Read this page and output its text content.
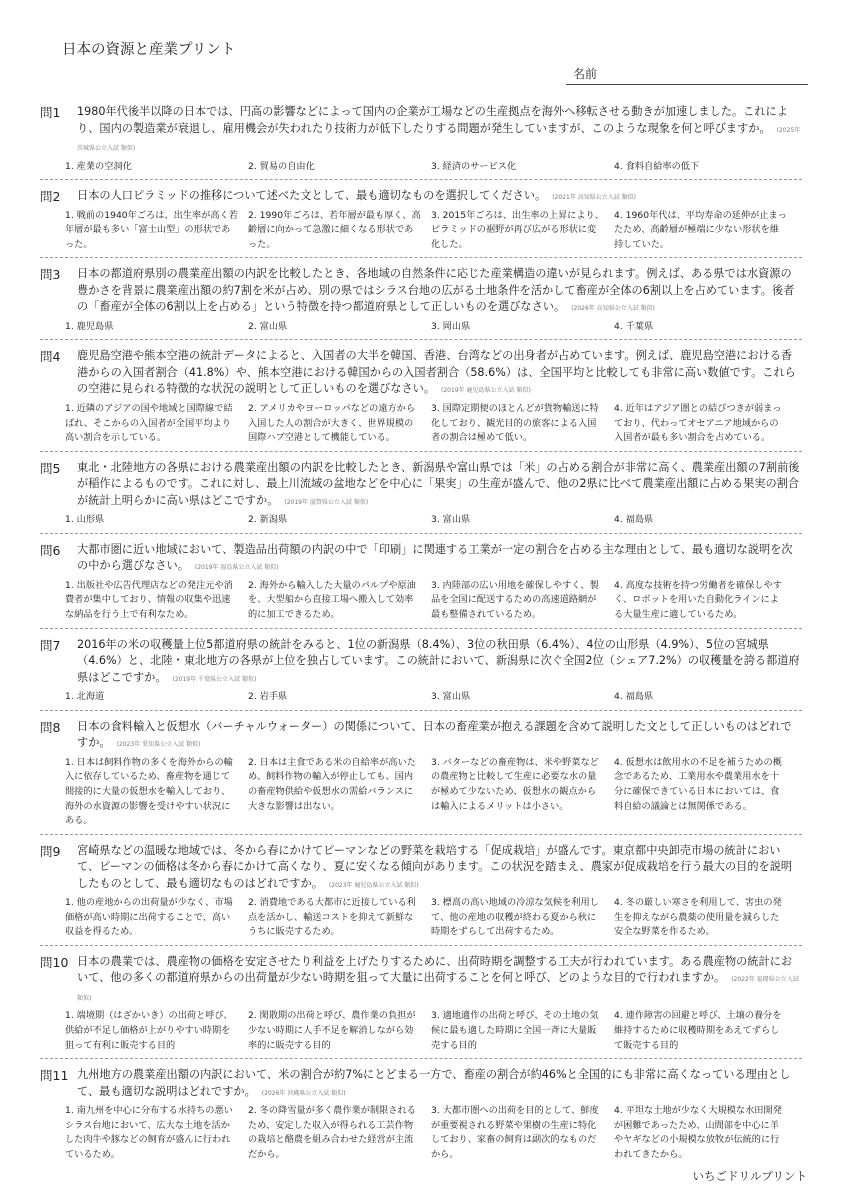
日本の資源と産業プリント
名前
問1 1980年代後半以降の日本では、円高の影響などによって国内の企業が工場などの生産拠点を海外へ移転させる動きが加速しました。これにより、国内の製造業が衰退し、雇用機会が失われたり技術力が低下したりする問題が発生していますが、このような現象を何と呼びますか。 (2025年 茨城県公立入試 類似)
1. 産業の空洞化	2. 貿易の自由化	3. 経済のサービス化	4. 食料自給率の低下
問2 日本の人口ピラミッドの推移について述べた文として、最も適切なものを選択してください。 (2021年 高知県公立入試 類似)
1. 戦前の1940年ごろは、出生率が高く若年層が最も多い「富士山型」の形状であった。
2. 1990年ごろは、若年層が最も厚く、高齢層に向かって急激に細くなる形状であった。
3. 2015年ごろは、出生率の上昇により、ピラミッドの裾野が再び広がる形状に変化した。
4. 1960年代は、平均寿命の延伸が止まったため、高齢層が極端に少ない形状を維持していた。
問3 日本の都道府県別の農業産出額の内訳を比較したとき、各地域の自然条件に応じた産業構造の違いが見られます。例えば、ある県では水資源の豊かさを背景に農業産出額の約7割を米が占め、別の県ではシラス台地の広がる土地条件を活かして畜産が全体の6割以上を占めています。後者の「畜産が全体の6割以上を占める」という特徴を持つ都道府県として正しいものを選びなさい。 (2026年 高知県公立入試 類似)
1. 鹿児島県	2. 富山県	3. 岡山県	4. 千葉県
問4 鹿児島空港や熊本空港の統計データによると、入国者の大半を韓国、香港、台湾などの出身者が占めています。例えば、鹿児島空港における香港からの入国者割合（41.8%）や、熊本空港における韓国からの入国者割合（58.6%）は、全国平均と比較しても非常に高い数値です。これらの空港に見られる特徴的な状況の説明として正しいものを選びなさい。 (2019年 鹿児島県公立入試 類似)
1. 近隣のアジアの国や地域と国際線で結ばれ、そこからの入国者が全国平均より高い割合を示している。
2. アメリカやヨーロッパなどの遠方から入国した人の割合が大きく、世界規模の国際ハブ空港として機能している。
3. 国際定期便のほとんどが貨物輸送に特化しており、観光目的の旅客による入国者の割合は極めて低い。
4. 近年はアジア圏との結びつきが弱まっており、代わってオセアニア地域からの入国者が最も多い割合を占めている。
問5 東北・北陸地方の各県における農業産出額の内訳を比較したとき、新潟県や富山県では「米」の占める割合が非常に高く、農業産出額の7割前後が稲作によるものです。これに対し、最上川流域の盆地などを中心に「果実」の生産が盛んで、他の2県に比べて農業産出額に占める果実の割合が統計上明らかに高い県はどこですか。 (2019年 滋賀県公立入試 類似)
1. 山形県	2. 新潟県	3. 富山県	4. 福島県
問6 大都市圏に近い地域において、製造品出荷額の内訳の中で「印刷」に関連する工業が一定の割合を占める主な理由として、最も適切な説明を次の中から選びなさい。 (2019年 福島県公立入試 類似)
1. 出版社や広告代理店などの発注元や消費者が集中しており、情報の収集や迅速な納品を行う上で有利なため。
2. 海外から輸入した大量のパルプや原油を、大型船から直接工場へ搬入して効率的に加工できるため。
3. 内陸部の広い用地を確保しやすく、製品を全国に配送するための高速道路網が最も整備されているため。
4. 高度な技術を持つ労働者を確保しやすく、ロボットを用いた自動化ラインによる大量生産に適しているため。
問7 2016年の米の収穫量上位5都道府県の統計をみると、1位の新潟県（8.4%）、3位の秋田県（6.4%）、4位の山形県（4.9%）、5位の宮城県（4.6%）と、北陸・東北地方の各県が上位を独占しています。この統計において、新潟県に次ぐ全国2位（シェア7.2%）の収穫量を誇る都道府県はどこですか。 (2019年 千葉県公立入試 類似)
1. 北海道	2. 岩手県	3. 富山県	4. 福島県
問8 日本の食料輸入と仮想水（バーチャルウォーター）の関係について、日本の畜産業が抱える課題を含めて説明した文として正しいものはどれですか。 (2023年 愛知県公立入試 類似)
1. 日本は飼料作物の多くを海外からの輸入に依存しているため、畜産物を通じて間接的に大量の仮想水を輸入しており、海外の水資源の影響を受けやすい状況にある。
2. 日本は主食である米の自給率が高いため、飼料作物の輸入が停止しても、国内の畜産物供給や仮想水の需給バランスに大きな影響は出ない。
3. バターなどの畜産物は、米や野菜などの農産物と比較して生産に必要な水の量が極めて少ないため、仮想水の観点からは輸入によるメリットは小さい。
4. 仮想水は飲用水の不足を補うための概念であるため、工業用水や農業用水を十分に確保できている日本においては、食料自給の議論とは無関係である。
問9 宮崎県などの温暖な地域では、冬から春にかけてピーマンなどの野菜を栽培する「促成栽培」が盛んです。東京都中央卸売市場の統計において、ピーマンの価格は冬から春にかけて高くなり、夏に安くなる傾向があります。この状況を踏まえ、農家が促成栽培を行う最大の目的を説明したものとして、最も適切なものはどれですか。 (2023年 鹿児島県公立入試 類似)
1. 他の産地からの出荷量が少なく、市場価格が高い時期に出荷することで、高い収益を得るため。
2. 消費地である大都市に近接している利点を活かし、輸送コストを抑えて新鮮なうちに販売するため。
3. 標高の高い地域の冷涼な気候を利用して、他の産地の収穫が終わる夏から秋に時期をずらして出荷するため。
4. 冬の厳しい寒さを利用して、害虫の発生を抑えながら農薬の使用量を減らした安全な野菜を作るため。
問10 日本の農業では、農産物の価格を安定させたり利益を上げたりするために、出荷時期を調整する工夫が行われています。ある農産物の統計において、他の多くの都道府県からの出荷量が少ない時期を狙って大量に出荷することを何と呼び、どのような目的で行われますか。 (2022年 福岡県公立入試 類似)
1. 端境期（はざかいき）の出荷と呼び、供給が不足し価格が上がりやすい時期を狙って有利に販売する目的
2. 閑散期の出荷と呼び、農作業の負担が少ない時期に人手不足を解消しながら効率的に販売する目的
3. 適地適作の出荷と呼び、その土地の気候に最も適した時期に全国一斉に大量販売する目的
4. 連作障害の回避と呼び、土壌の養分を維持するために収穫時期をあえてずらして販売する目的
問11 九州地方の農業産出額の内訳において、米の割合が約7%にとどまる一方で、畜産の割合が約46%と全国的にも非常に高くなっている理由として、最も適切な説明はどれですか。 (2026年 沖縄県公立入試 類似)
1. 南九州を中心に分布する水持ちの悪いシラス台地において、広大な土地を活かした肉牛や豚などの飼育が盛んに行われているため。
2. 冬の降雪量が多く農作業が制限されるため、安定した収入が得られる工芸作物の栽培と酪農を組み合わせた経営が主流だから。
3. 大都市圏への出荷を目的として、鮮度が重要視される野菜や果樹の生産に特化しており、家畜の飼育は副次的なものだから。
4. 平坦な土地が少なく大規模な水田開発が困難であったため、山間部を中心に羊やヤギなどの小規模な放牧が伝統的に行われてきたから。
いちごドリルプリント
